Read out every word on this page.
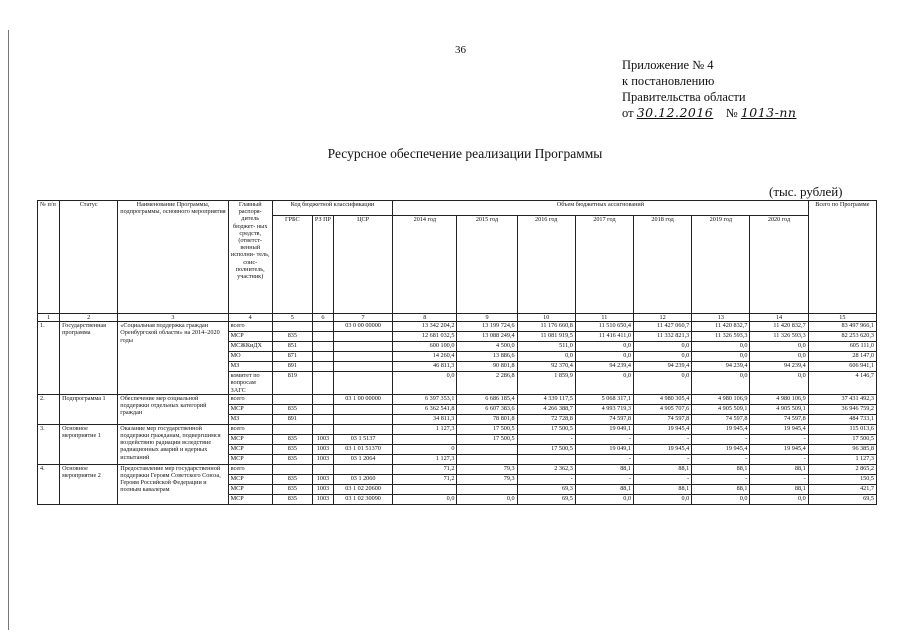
36
Приложение № 4
к постановлению
Правительства области
от 30.12.2016 № 1013-пп
Ресурсное обеспечение реализации Программы
(тыс. рублей)
№ п/п	Статус	Наименование Программы, подпрограммы, основного мероприятия	Главный распоря- дитель бюджет- ных средств, (ответст- венный исполни- тель, соис- полнитель, участник)	Код бюджетной классификации			Объем бюджетных ассигнований							Всего по Программе
				ГРБС	РЗ ПР	ЦСР	2014 год	2015 год	2016 год	2017 год	2018 год	2019 год	2020 год	
1	2	3	4	5	6	7	8	9	10	11	12	13	14	15
1.	Государственная программа	«Социальная поддержка граждан Оренбургской области» на 2014–2020 годы	всего			03 0 00 00000	13 342 204,2	13 199 724,6	11 176 660,8	11 510 650,4	11 427 060,7	11 420 832,7	11 420 832,7	83 497 966,1
			МСР	835			12 681 032,5	13 088 249,4	11 081 919,5	11 416 411,0	11 332 821,3	11 326 593,3	11 326 593,3	82 253 620,3
			МСЖКиДХ	851			600 100,0	4 500,0	511,0	0,0	0,0	0,0	0,0	605 111,0
			МО	871			14 260,4	13 886,6	0,0	0,0	0,0	0,0	0,0	28 147,0
			МЗ	891			46 811,3	90 801,8	92 370,4	94 239,4	94 239,4	94 239,4	94 239,4	606 941,1
			комитет по вопросам ЗАГС	819			0,0	2 286,8	1 859,9	0,0	0,0	0,0	0,0	4 146,7
2.	Подпрограмма 1	Обеспечение мер социальной поддержки отдельных категорий граждан	всего			03 1 00 00000	6 397 353,1	6 686 185,4	4 339 117,5	5 068 317,1	4 980 305,4	4 980 106,9	4 980 106,9	37 431 492,3
			МСР	835			6 362 541,8	6 607 383,6	4 266 388,7	4 993 719,3	4 905 707,6	4 905 509,1	4 905 509,1	36 946 759,2
			МЗ	891			34 811,3	78 801,8	72 728,8	74 597,8	74 597,8	74 597,8	74 597,8	484 733,1
3.	Основное мероприятие 1	Оказание мер государственной поддержки гражданам, подвергшимся воздействию радиации вследствие радиационных аварий и ядерных испытаний	всего				1 127,3	17 500,5	17 500,5	19 049,1	19 945,4	19 945,4	19 945,4	115 013,6
			МСР	835	1003	03 1 5137		17 500,5	-	-	-	-	-	17 500,5
			МСР	835	1003	03 1 01 51370	0		17 500,5	19 049,1	19 945,4	19 945,4	19 945,4	96 385,8
			МСР	835	1003	03 1 2064	1 127,3			-	-	-	-	1 127,3
4.	Основное мероприятие 2	Предоставление мер государственной поддержки Героям Советского Союза, Героям Российской Федерации и полным кавалерам	всего				71,2	79,3	2 362,3	88,1	88,1	88,1	88,1	2 865,2
			МСР	835	1003	03 1 2060	71,2	79,3	-	-	-	-	-	150,5
			МСР	835	1003	03 1 02 20600			69,3	88,1	88,1	88,1	88,1	421,7
			МСР	835	1003	03 1 02 30090	0,0	0,0	69,5	0,0	0,0	0,0	0,0	69,5
